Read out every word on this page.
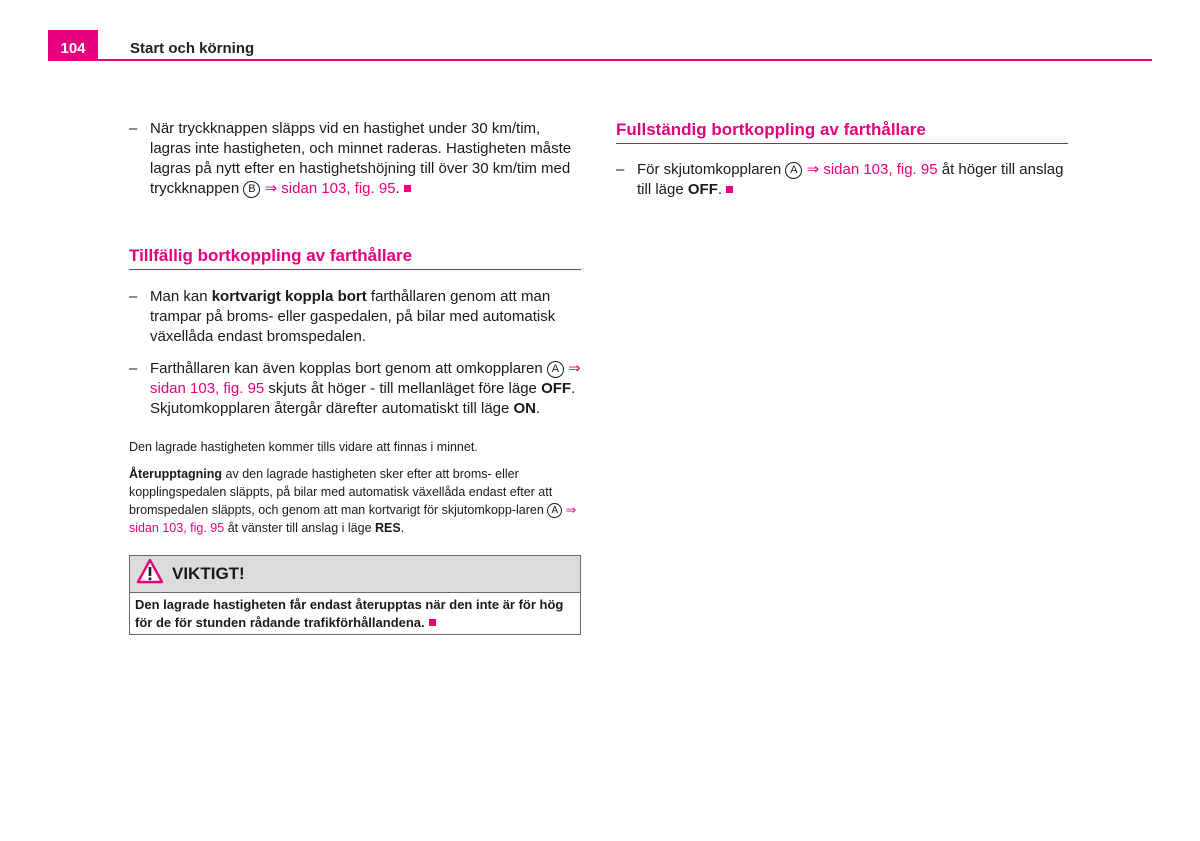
104	Start och körning

– När tryckknappen släpps vid en hastighet under 30 km/tim, lagras inte hastigheten, och minnet raderas. Hastigheten måste lagras på nytt efter en hastighetshöjning till över 30 km/tim med tryckknappen B ⇒ sidan 103, fig. 95.

Tillfällig bortkoppling av farthållare

– Man kan kortvarigt koppla bort farthållaren genom att man trampar på broms- eller gaspedalen, på bilar med automatisk växellåda endast bromspedalen.

– Farthållaren kan även kopplas bort genom att omkopplaren A ⇒ sidan 103, fig. 95 skjuts åt höger - till mellanläget före läge OFF. Skjutomkopplaren återgår därefter automatiskt till läge ON.

Den lagrade hastigheten kommer tills vidare att finnas i minnet.

Återupptagning av den lagrade hastigheten sker efter att broms- eller kopplingspedalen släppts, på bilar med automatisk växellåda endast efter att bromspedalen släppts, och genom att man kortvarigt för skjutomkopp-laren A ⇒ sidan 103, fig. 95 åt vänster till anslag i läge RES.

VIKTIGT!
Den lagrade hastigheten får endast återupptas när den inte är för hög för de för stunden rådande trafikförhållandena.
Fullständig bortkoppling av farthållare

– För skjutomkopplaren A ⇒ sidan 103, fig. 95 åt höger till anslag till läge OFF.
